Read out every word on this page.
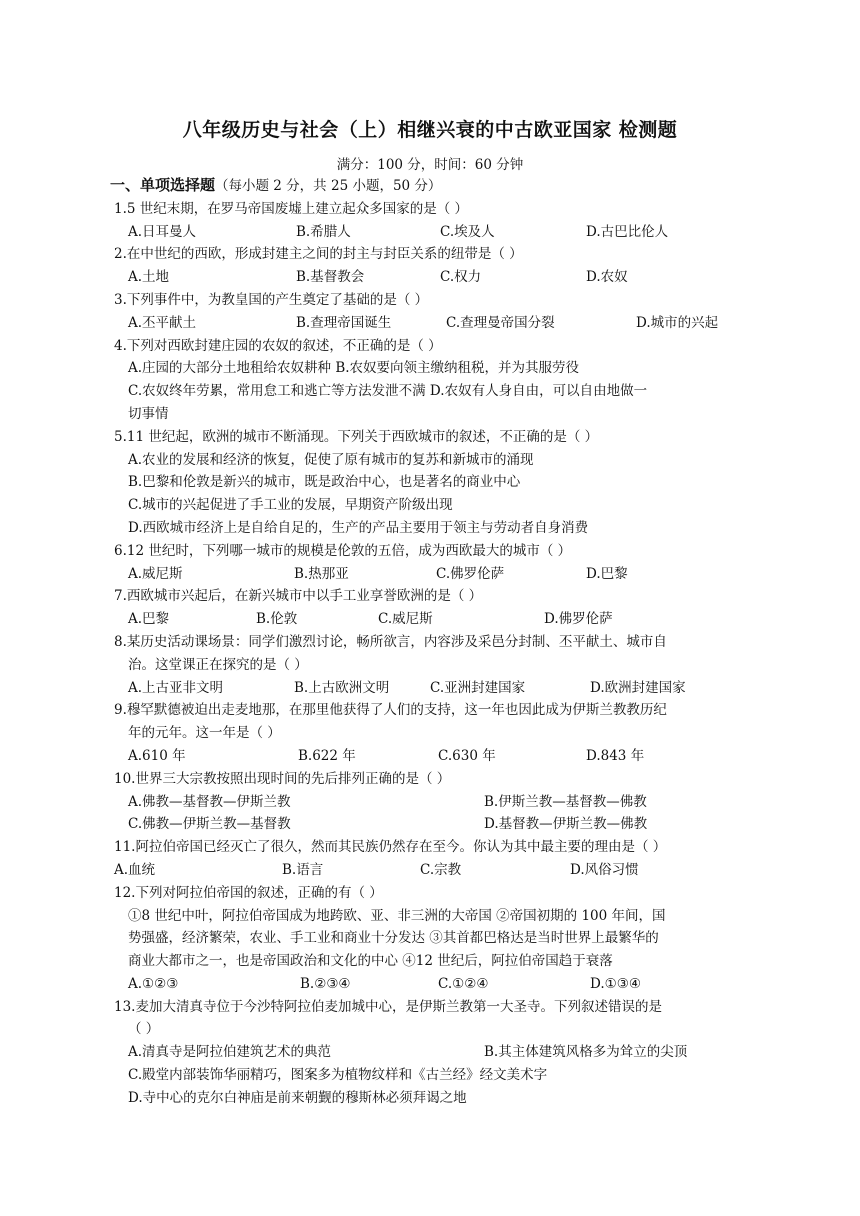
八年级历史与社会（上）相继兴衰的中古欧亚国家 检测题
满分：100 分，时间：60 分钟
一、单项选择题（每小题 2 分，共 25 小题，50 分）
1.5 世纪末期，在罗马帝国废墟上建立起众多国家的是（ ）
A.日耳曼人	B.希腊人	C.埃及人	D.古巴比伦人
2.在中世纪的西欧，形成封建主之间的封主与封臣关系的纽带是（ ）
A.土地	B.基督教会	C.权力	D.农奴
3.下列事件中，为教皇国的产生奠定了基础的是（ ）
A.丕平献土	B.查理帝国诞生	C.查理曼帝国分裂	D.城市的兴起
4.下列对西欧封建庄园的农奴的叙述，不正确的是（ ）
A.庄园的大部分土地租给农奴耕种 B.农奴要向领主缴纳租税，并为其服劳役
C.农奴终年劳累，常用怠工和逃亡等方法发泄不满 D.农奴有人身自由，可以自由地做一
切事情
5.11 世纪起，欧洲的城市不断涌现。下列关于西欧城市的叙述，不正确的是（ ）
A.农业的发展和经济的恢复，促使了原有城市的复苏和新城市的涌现
B.巴黎和伦敦是新兴的城市，既是政治中心，也是著名的商业中心
C.城市的兴起促进了手工业的发展，早期资产阶级出现
D.西欧城市经济上是自给自足的，生产的产品主要用于领主与劳动者自身消费
6.12 世纪时，下列哪一城市的规模是伦敦的五倍，成为西欧最大的城市（ ）
A.威尼斯	B.热那亚	C.佛罗伦萨	D.巴黎
7.西欧城市兴起后，在新兴城市中以手工业享誉欧洲的是（ ）
A.巴黎	B.伦敦	C.威尼斯	D.佛罗伦萨
8.某历史活动课场景：同学们激烈讨论，畅所欲言，内容涉及采邑分封制、丕平献土、城市自
治。这堂课正在探究的是（ ）
A.上古亚非文明	B.上古欧洲文明	C.亚洲封建国家	D.欧洲封建国家
9.穆罕默德被迫出走麦地那，在那里他获得了人们的支持，这一年也因此成为伊斯兰教教历纪
年的元年。这一年是（ ）
A.610 年	B.622 年	C.630 年	D.843 年
10.世界三大宗教按照出现时间的先后排列正确的是（ ）
A.佛教—基督教—伊斯兰教	B.伊斯兰教—基督教—佛教
C.佛教—伊斯兰教—基督教	D.基督教—伊斯兰教—佛教
11.阿拉伯帝国已经灭亡了很久，然而其民族仍然存在至今。你认为其中最主要的理由是（ ）
A.血统	B.语言	C.宗教	D.风俗习惯
12.下列对阿拉伯帝国的叙述，正确的有（ ）
①8 世纪中叶，阿拉伯帝国成为地跨欧、亚、非三洲的大帝国 ②帝国初期的 100 年间，国
势强盛，经济繁荣，农业、手工业和商业十分发达 ③其首都巴格达是当时世界上最繁华的
商业大都市之一，也是帝国政治和文化的中心 ④12 世纪后，阿拉伯帝国趋于衰落
A.①②③	B.②③④	C.①②④	D.①③④
13.麦加大清真寺位于今沙特阿拉伯麦加城中心，是伊斯兰教第一大圣寺。下列叙述错误的是
（ ）
A.清真寺是阿拉伯建筑艺术的典范	B.其主体建筑风格多为耸立的尖顶
C.殿堂内部装饰华丽精巧，图案多为植物纹样和《古兰经》经文美术字
D.寺中心的克尔白神庙是前来朝觐的穆斯林必须拜谒之地
